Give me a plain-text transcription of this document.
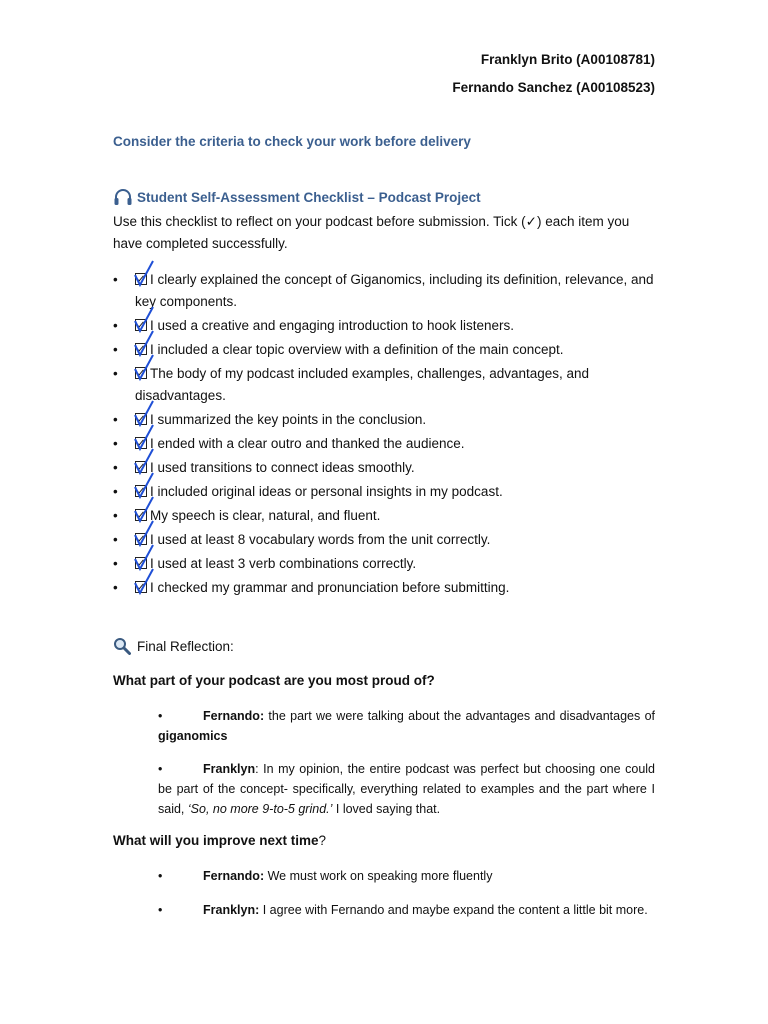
Franklyn Brito (A00108781)
Fernando Sanchez (A00108523)
Consider the criteria to check your work before delivery
Student Self-Assessment Checklist – Podcast Project
Use this checklist to reflect on your podcast before submission. Tick (✓) each item you have completed successfully.
• I clearly explained the concept of Giganomics, including its definition, relevance, and key components.
• I used a creative and engaging introduction to hook listeners.
• I included a clear topic overview with a definition of the main concept.
• The body of my podcast included examples, challenges, advantages, and disadvantages.
• I summarized the key points in the conclusion.
• I ended with a clear outro and thanked the audience.
• I used transitions to connect ideas smoothly.
• I included original ideas or personal insights in my podcast.
• My speech is clear, natural, and fluent.
• I used at least 8 vocabulary words from the unit correctly.
• I used at least 3 verb combinations correctly.
• I checked my grammar and pronunciation before submitting.
Final Reflection:
What part of your podcast are you most proud of?
•	Fernando: the part we were talking about the advantages and disadvantages of giganomics
•	Franklyn: In my opinion, the entire podcast was perfect but choosing one could be part of the concept- specifically, everything related to examples and the part where I said, ‘So, no more 9-to-5 grind.’ I loved saying that.
What will you improve next time?
•	Fernando: We must work on speaking more fluently
•	Franklyn: I agree with Fernando and maybe expand the content a little bit more.
